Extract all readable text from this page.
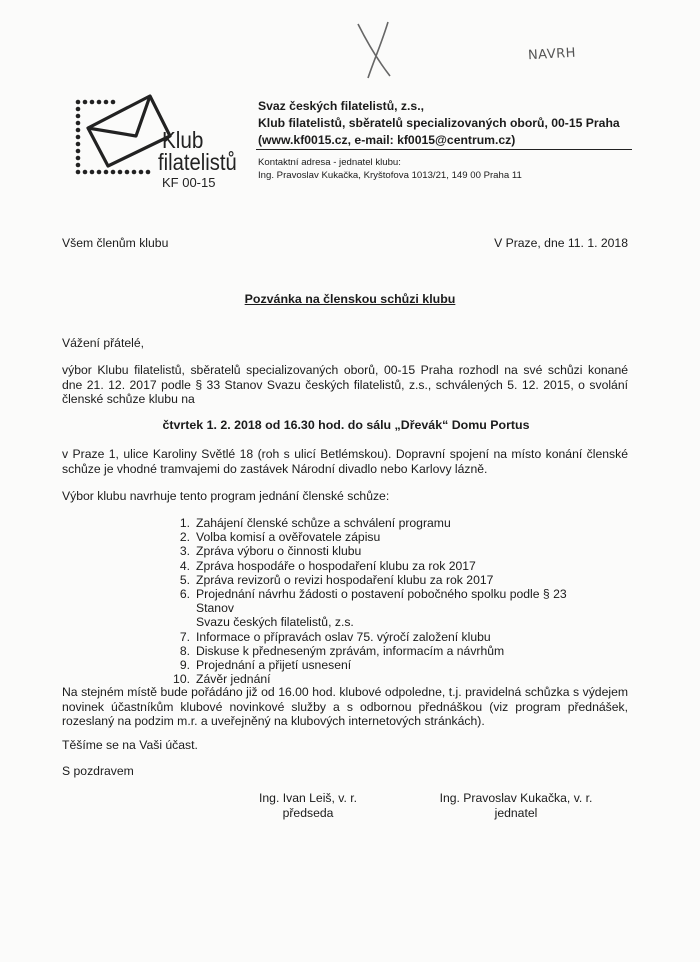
NAVRH
Klub
filatelistů
KF 00-15
Svaz českých filatelistů, z.s.,
Klub filatelistů, sběratelů specializovaných oborů, 00-15 Praha
(www.kf0015.cz, e-mail: kf0015@centrum.cz)
Kontaktní adresa - jednatel klubu:
Ing. Pravoslav Kukačka, Kryštofova 1013/21, 149 00 Praha 11
Všem členům klubu	V Praze, dne 11. 1. 2018
Pozvánka na členskou schůzi klubu
Vážení přátelé,
výbor Klubu filatelistů, sběratelů specializovaných oborů, 00-15 Praha rozhodl na své schůzi konané
dne 21. 12. 2017 podle § 33 Stanov Svazu českých filatelistů, z.s., schválených 5. 12. 2015, o svolání
členské schůze klubu na
čtvrtek 1. 2. 2018 od 16.30 hod. do sálu „Dřevák“ Domu Portus
v Praze 1, ulice Karoliny Světlé 18 (roh s ulicí Betlémskou). Dopravní spojení na místo konání členské
schůze je vhodné tramvajemi do zastávek Národní divadlo nebo Karlovy lázně.
Výbor klubu navrhuje tento program jednání členské schůze:
1. Zahájení členské schůze a schválení programu
2. Volba komisí a ověřovatele zápisu
3. Zpráva výboru o činnosti klubu
4. Zpráva hospodáře o hospodaření klubu za rok 2017
5. Zpráva revizorů o revizi hospodaření klubu za rok 2017
6. Projednání návrhu žádosti o postavení pobočného spolku podle § 23 Stanov
Svazu českých filatelistů, z.s.
7. Informace o přípravách oslav 75. výročí založení klubu
8. Diskuse k předneseným zprávám, informacím a návrhům
9. Projednání a přijetí usnesení
10. Závěr jednání
Na stejném místě bude pořádáno již od 16.00 hod. klubové odpoledne, t.j. pravidelná schůzka s výdejem
novinek účastníkům klubové novinkové služby a s odbornou přednáškou (viz program přednášek,
rozeslaný na podzim m.r. a uveřejněný na klubových internetových stránkách).
Těšíme se na Vaši účast.
S pozdravem
Ing. Ivan Leiš, v. r.
předseda
Ing. Pravoslav Kukačka, v. r.
jednatel
